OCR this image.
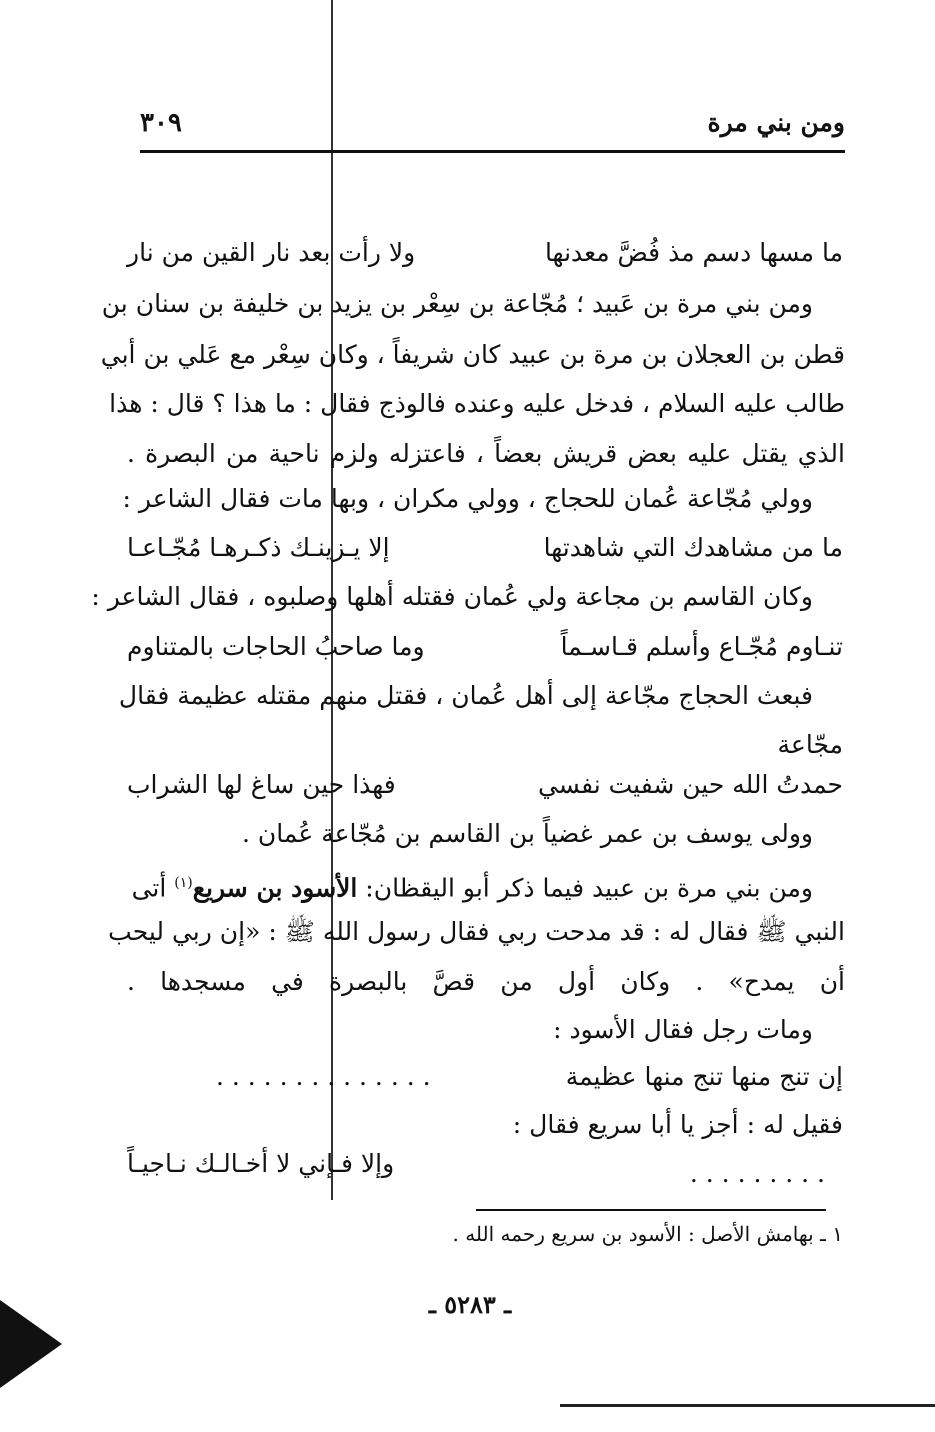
ومن بني مرة
٣٠٩
ما مسها دسم مذ فُضَّ معدنها
ولا رأت بعد نار القين من نار
ومن بني مرة بن عَبيد ؛ مُجّاعة بن سِعْر بن يزيد بن خليفة بن سنان بن
قطن بن العجلان بن مرة بن عبيد كان شريفاً ، وكان سِعْر مع عَلي بن أبي
طالب عليه السلام ، فدخل عليه وعنده فالوذج فقال : ما هذا ؟ قال : هذا
الذي يقتل عليه بعض قريش بعضاً ، فاعتزله ولزم ناحية من البصرة .
وولي مُجّاعة عُمان للحجاج ، وولي مكران ، وبها مات فقال الشاعر :
ما من مشاهدك التي شاهدتها
إلا يـزينـك ذكـرهـا مُجّـاعـا
وكان القاسم بن مجاعة ولي عُمان فقتله أهلها وصلبوه ، فقال الشاعر :
تنـاوم مُجّـاع وأسلم قـاسـماً
وما صاحبُ الحاجات بالمتناوم
فبعث الحجاج مجّاعة إلى أهل عُمان ، فقتل منهم مقتله عظيمة فقال
مجّاعة
حمدتُ الله حين شفيت نفسي
فهذا حين ساغ لها الشراب
وولى يوسف بن عمر غضياً بن القاسم بن مُجّاعة عُمان .
ومن بني مرة بن عبيد فيما ذكر أبو اليقظان: الأسود بن سريع$^{(١)}$ أتى
النبي ﷺ فقال له : قد مدحت ربي فقال رسول الله ﷺ : «إن ربي ليحب
أن يمدح» . وكان أول من قصَّ بالبصرة في مسجدها .
ومات رجل فقال الأسود :
إن تنج منها تنج منها عظيمة
. . . . . . . . . . . . . .
فقيل له : أجز يا أبا سريع فقال :
. . . . . . . . .
وإلا فـإني لا أخـالـك نـاجيـاً
١ ـ بهامش الأصل : الأسود بن سريع رحمه الله .
ـ ٥٢٨٣ ـ
